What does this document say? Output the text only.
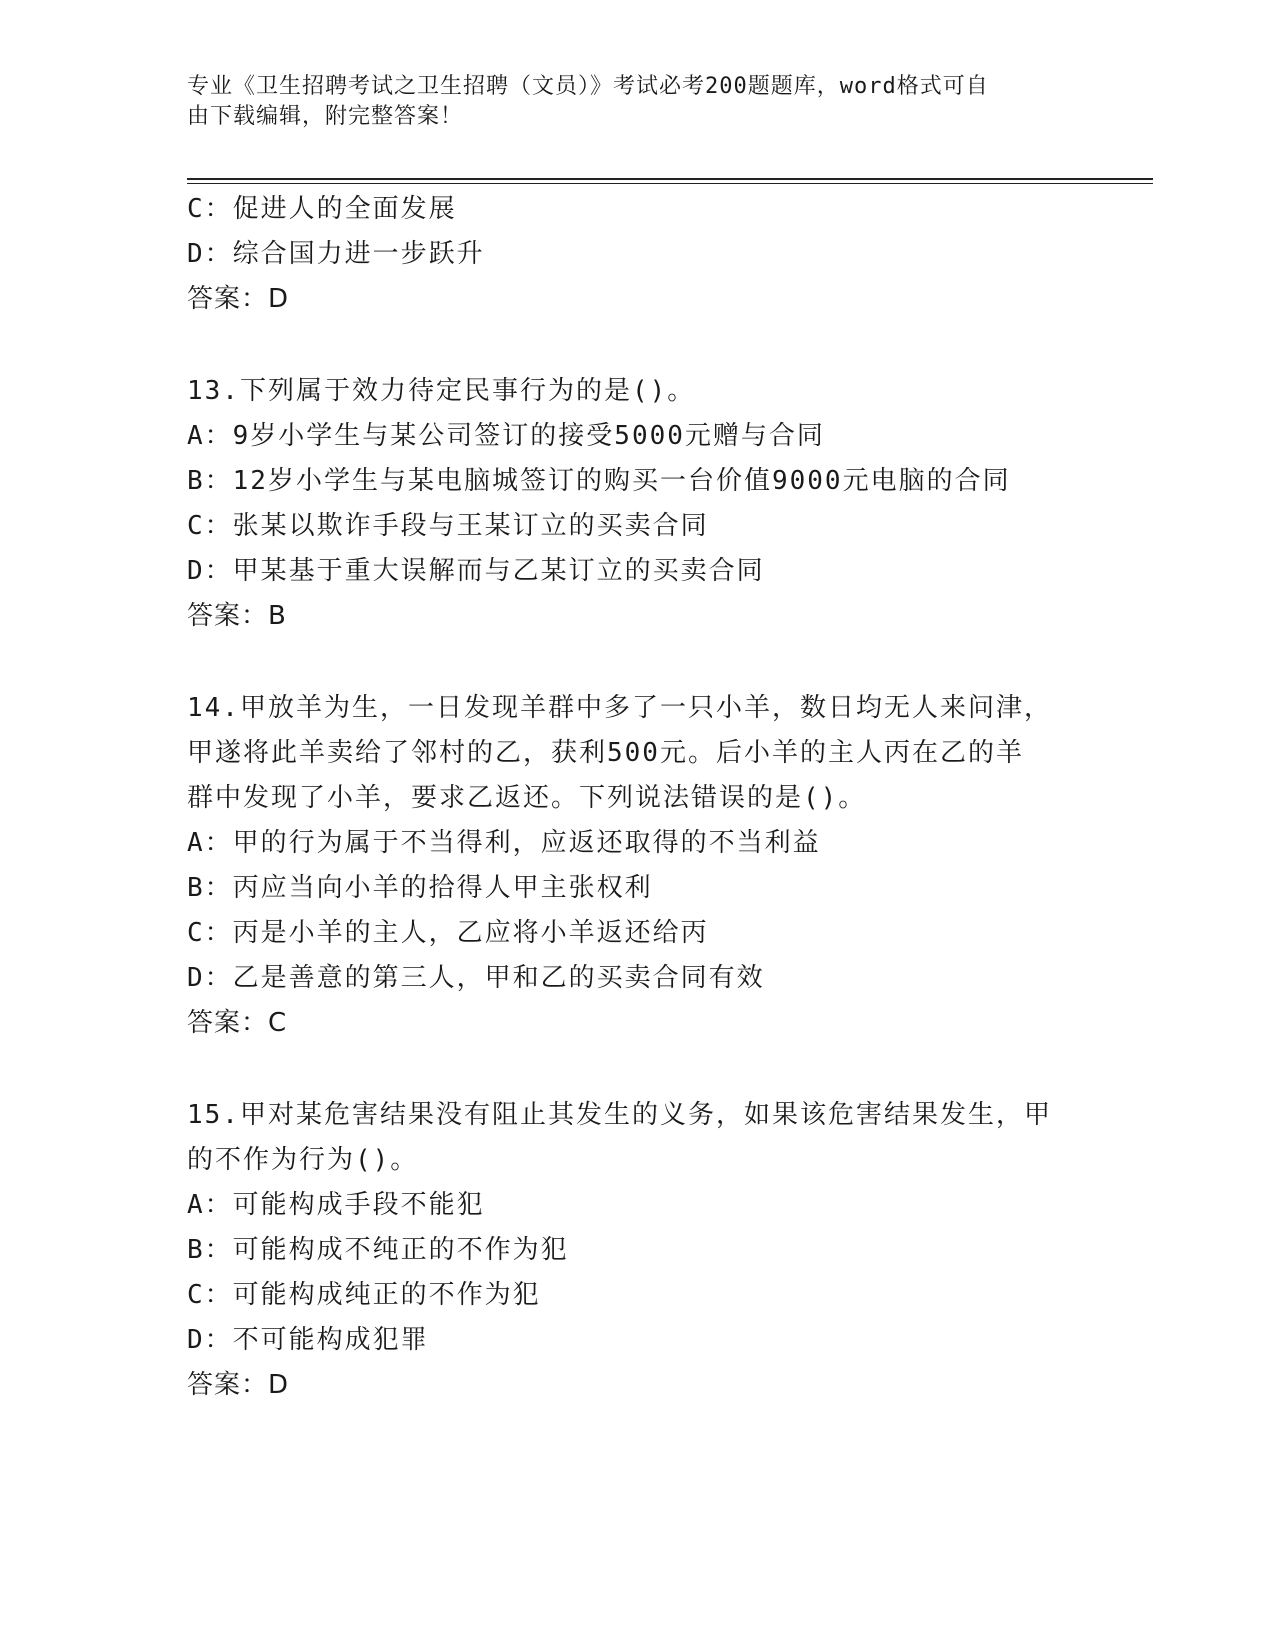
专业《卫生招聘考试之卫生招聘（文员）》考试必考200题题库，word格式可自
由下载编辑，附完整答案！
C：促进人的全面发展
D：综合国力进一步跃升
答案：D
13.下列属于效力待定民事行为的是()。
A：9岁小学生与某公司签订的接受5000元赠与合同
B：12岁小学生与某电脑城签订的购买一台价值9000元电脑的合同
C：张某以欺诈手段与王某订立的买卖合同
D：甲某基于重大误解而与乙某订立的买卖合同
答案：B
14.甲放羊为生，一日发现羊群中多了一只小羊，数日均无人来问津，
甲遂将此羊卖给了邻村的乙，获利500元。后小羊的主人丙在乙的羊
群中发现了小羊，要求乙返还。下列说法错误的是()。
A：甲的行为属于不当得利，应返还取得的不当利益
B：丙应当向小羊的拾得人甲主张权利
C：丙是小羊的主人，乙应将小羊返还给丙
D：乙是善意的第三人，甲和乙的买卖合同有效
答案：C
15.甲对某危害结果没有阻止其发生的义务，如果该危害结果发生，甲
的不作为行为()。
A：可能构成手段不能犯
B：可能构成不纯正的不作为犯
C：可能构成纯正的不作为犯
D：不可能构成犯罪
答案：D
